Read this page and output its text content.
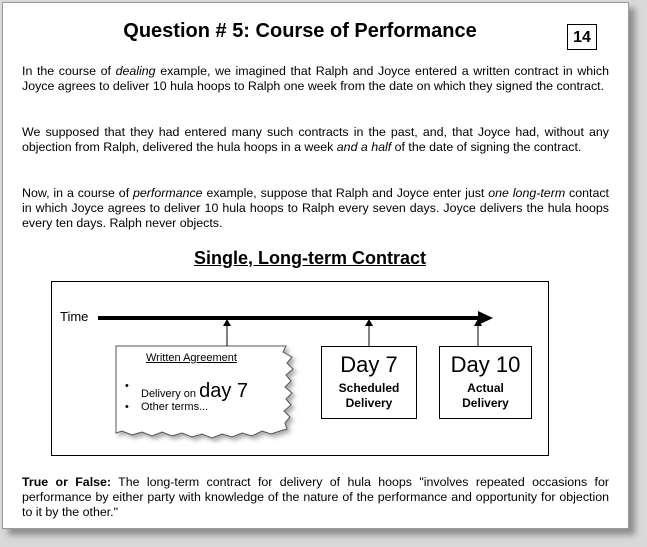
Question # 5: Course of Performance	14

In the course of dealing example, we imagined that Ralph and Joyce entered a written contract in which Joyce agrees to deliver 10 hula hoops to Ralph one week from the date on which they signed the contract.

We supposed that they had entered many such contracts in the past, and, that Joyce had, without any objection from Ralph, delivered the hula hoops in a week and a half of the date of signing the contract.

Now, in a course of performance example, suppose that Ralph and Joyce enter just one long-term contact in which Joyce agrees to deliver 10 hula hoops to Ralph every seven days. Joyce delivers the hula hoops every ten days. Ralph never objects.

Single, Long-term Contract
Time
Written Agreement
•
Delivery on day 7
• Other terms...
Day 7
Scheduled
Delivery
Day 10
Actual
Delivery

True or False: The long-term contract for delivery of hula hoops "involves repeated occasions for performance by either party with knowledge of the nature of the performance and opportunity for objection to it by the other."
